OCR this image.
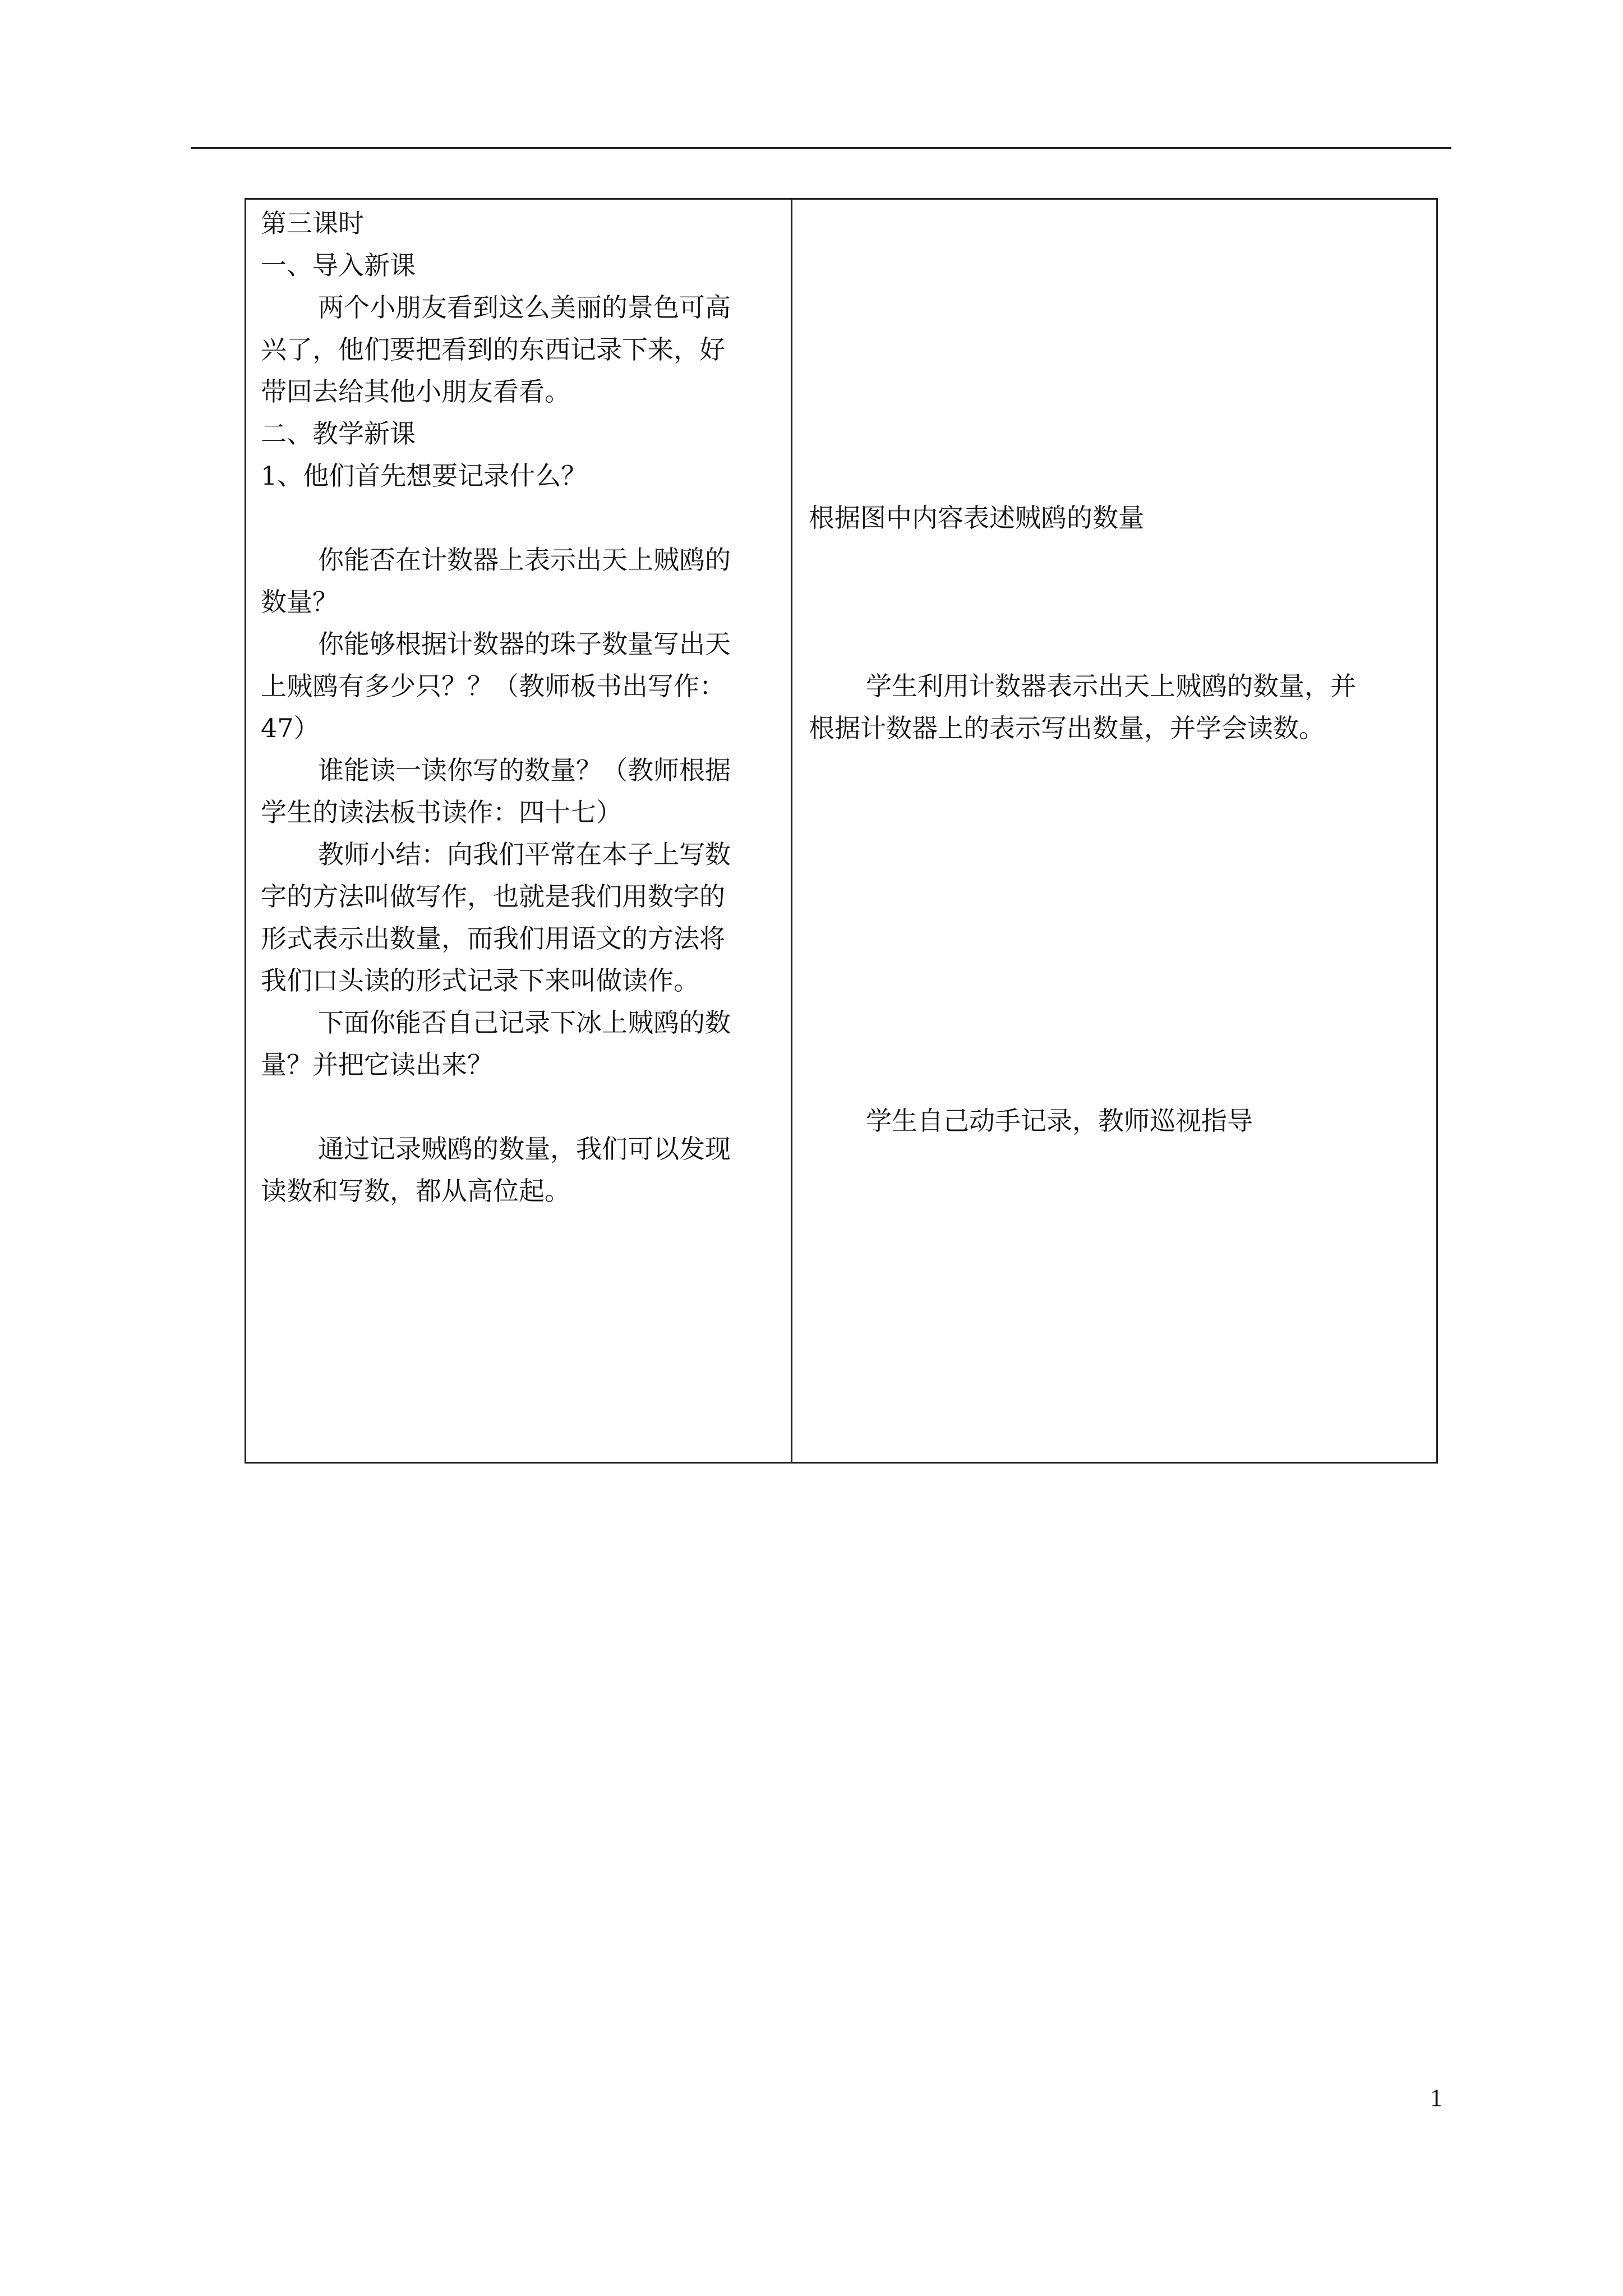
第三课时
一、导入新课
两个小朋友看到这么美丽的景色可高
兴了，他们要把看到的东西记录下来，好
带回去给其他小朋友看看。
二、教学新课
1、他们首先想要记录什么？
你能否在计数器上表示出天上贼鸥的
数量？
你能够根据计数器的珠子数量写出天
上贼鸥有多少只？？（教师板书出写作：
47）
谁能读一读你写的数量？（教师根据
学生的读法板书读作：四十七）
教师小结：向我们平常在本子上写数
字的方法叫做写作，也就是我们用数字的
形式表示出数量，而我们用语文的方法将
我们口头读的形式记录下来叫做读作。
下面你能否自己记录下冰上贼鸥的数
量？并把它读出来？
通过记录贼鸥的数量，我们可以发现
读数和写数，都从高位起。
根据图中内容表述贼鸥的数量
学生利用计数器表示出天上贼鸥的数量，并
根据计数器上的表示写出数量，并学会读数。
学生自己动手记录，教师巡视指导
1
